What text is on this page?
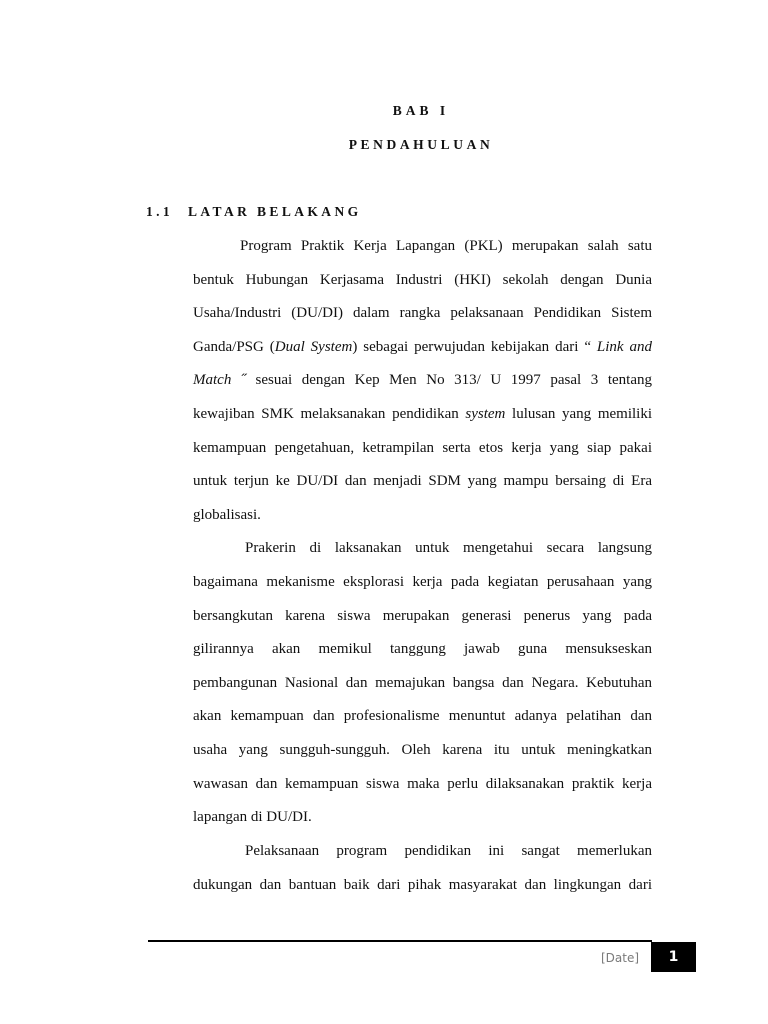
BAB I
PENDAHULUAN
1.1 LATAR BELAKANG
Program Praktik Kerja Lapangan (PKL) merupakan salah satu
bentuk Hubungan Kerjasama Industri (HKI) sekolah dengan Dunia
Usaha/Industri (DU/DI) dalam rangka pelaksanaan Pendidikan Sistem
Ganda/PSG (Dual System) sebagai perwujudan kebijakan dari “ Link and
Match ˝ sesuai dengan Kep Men No 313/ U 1997 pasal 3 tentang
kewajiban SMK melaksanakan pendidikan system lulusan yang memiliki
kemampuan pengetahuan, ketrampilan serta etos kerja yang siap pakai
untuk terjun ke DU/DI dan menjadi SDM yang mampu bersaing di Era
globalisasi.
Prakerin di laksanakan untuk mengetahui secara langsung
bagaimana mekanisme eksplorasi kerja pada kegiatan perusahaan yang
bersangkutan karena siswa merupakan generasi penerus yang pada
gilirannya akan memikul tanggung jawab guna mensukseskan
pembangunan Nasional dan memajukan bangsa dan Negara. Kebutuhan
akan kemampuan dan profesionalisme menuntut adanya pelatihan dan
usaha yang sungguh-sungguh. Oleh karena itu untuk meningkatkan
wawasan dan kemampuan siswa maka perlu dilaksanakan praktik kerja
lapangan di DU/DI.
Pelaksanaan program pendidikan ini sangat memerlukan
dukungan dan bantuan baik dari pihak masyarakat dan lingkungan dari
[Date]	1
